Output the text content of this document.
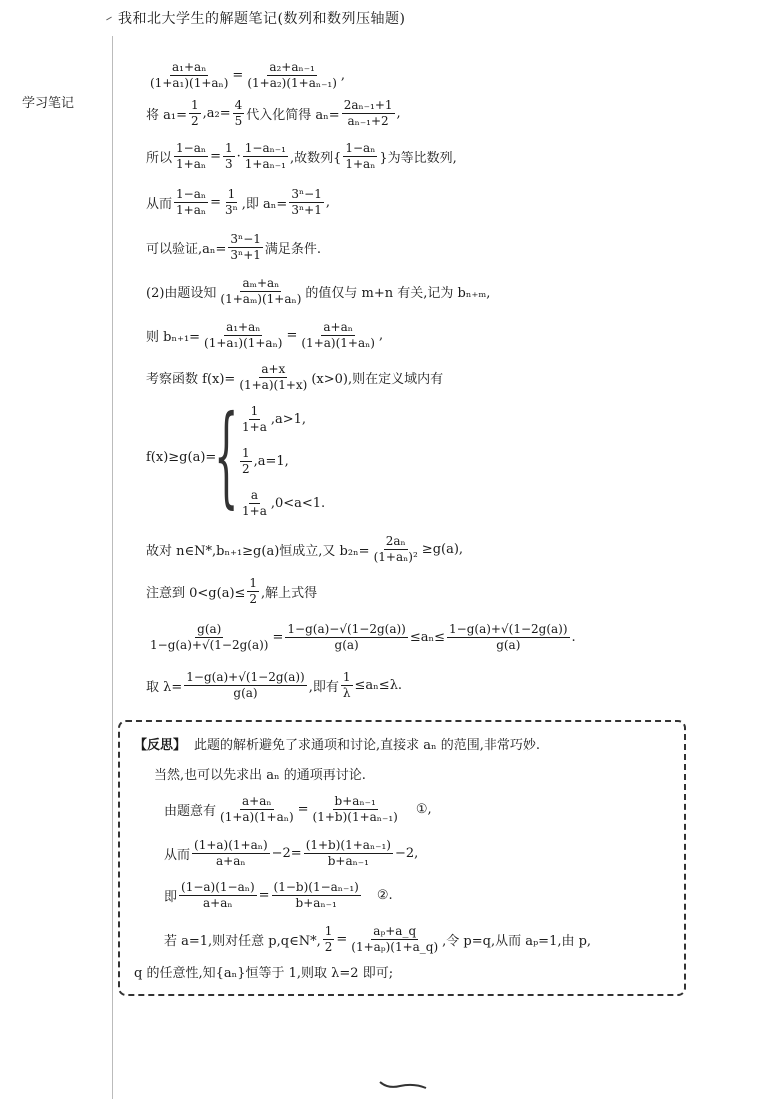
我和北大学生的解题笔记(数列和数列压轴题)
学习笔记
$\frac{\text{a₁+aₙ}}{\text{(1+a₁)(1+aₙ)}} = \frac{\text{a₂+aₙ₋₁}}{\text{(1+a₂)(1+aₙ₋₁)}}$ ,
将 $a_1= \frac{1}{2} ,a_2= \frac{4}{5}$ 代入化简得 $a_n= \frac{\text{2aₙ₋₁+1}}{\text{aₙ₋₁+2}}$ ,
所以 $\frac{\text{1−aₙ}}{\text{1+aₙ}} = \frac{1}{3} \cdot \frac{\text{1−aₙ₋₁}}{\text{1+aₙ₋₁}}$ ,故数列{ $\frac{\text{1−aₙ}}{\text{1+aₙ}}$ }为等比数列,
从而 $\frac{\text{1−aₙ}}{\text{1+aₙ}} = \frac{1}{\text{3ⁿ}}$ ,即 $a_n= \frac{\text{3ⁿ−1}}{\text{3ⁿ+1}}$ ,
可以验证$,a_n= \frac{\text{3ⁿ−1}}{\text{3ⁿ+1}}$ 满足条件.
(2)由题设知 $\frac{\text{aₘ+aₙ}}{\text{(1+aₘ)(1+aₙ)}}$ 的值仅与 m+n 有关,记为 bₙ₊ₘ,
则 $b_{n+1}= \frac{\text{a₁+aₙ}}{\text{(1+a₁)(1+aₙ)}} = \frac{\text{a+aₙ}}{\text{(1+a)(1+aₙ)}}$ ,
考察函数 $f(x)= \frac{a+x}{(1+a)(1+x)} (x>0)$,则在定义域内有
f(x)≥g(a)=
{ $\frac{1}{1+a} ,a>1$,
$\frac{1}{2} ,a=1$,
$\frac{a}{1+a} ,0<a<1$.
故对 n∈N*,bₙ₊₁≥g(a)恒成立,又 $b_{2n}= \frac{\text{2aₙ}}{\text{(1+aₙ)²}} \ge g(a)$,
注意到 $0<g(a)\le \frac{1}{2}$ ,解上式得
$\frac{g(a)}{1-g(a)+√(1-2g(a))} = \frac{1-g(a)-√(1-2g(a))}{g(a)} \le a_n\le \frac{1-g(a)+√(1-2g(a))}{g(a)}$ .
取 $\lambda= \frac{1-g(a)+√(1-2g(a))}{g(a)}$ ,即有 $\frac{1}{\lambda} \le a_n\le\lambda$.
【反思】 此题的解析避免了求通项和讨论,直接求 aₙ 的范围,非常巧妙.
当然,也可以先求出 aₙ 的通项再讨论.
由题意有 $\frac{\text{a+aₙ}}{\text{(1+a)(1+aₙ)}} = \frac{\text{b+aₙ₋₁}}{\text{(1+b)(1+aₙ₋₁)}}$ ①,
从而 $\frac{\text{(1+a)(1+aₙ)}}{\text{a+aₙ}} -2= \frac{\text{(1+b)(1+aₙ₋₁)}}{\text{b+aₙ₋₁}} -2$,
即 $\frac{\text{(1−a)(1−aₙ)}}{\text{a+aₙ}} = \frac{\text{(1−b)(1−aₙ₋₁)}}{\text{b+aₙ₋₁}}$ ②.
若 a=1,则对任意 p,q∈N*, $\frac{1}{2} = \frac{\text{aₚ+a\_q}}{\text{(1+aₚ)(1+a\_q)}}$ ,令 p=q,从而 aₚ=1,由 p,
q 的任意性,知{aₙ}恒等于 1,则取 λ=2 即可;
